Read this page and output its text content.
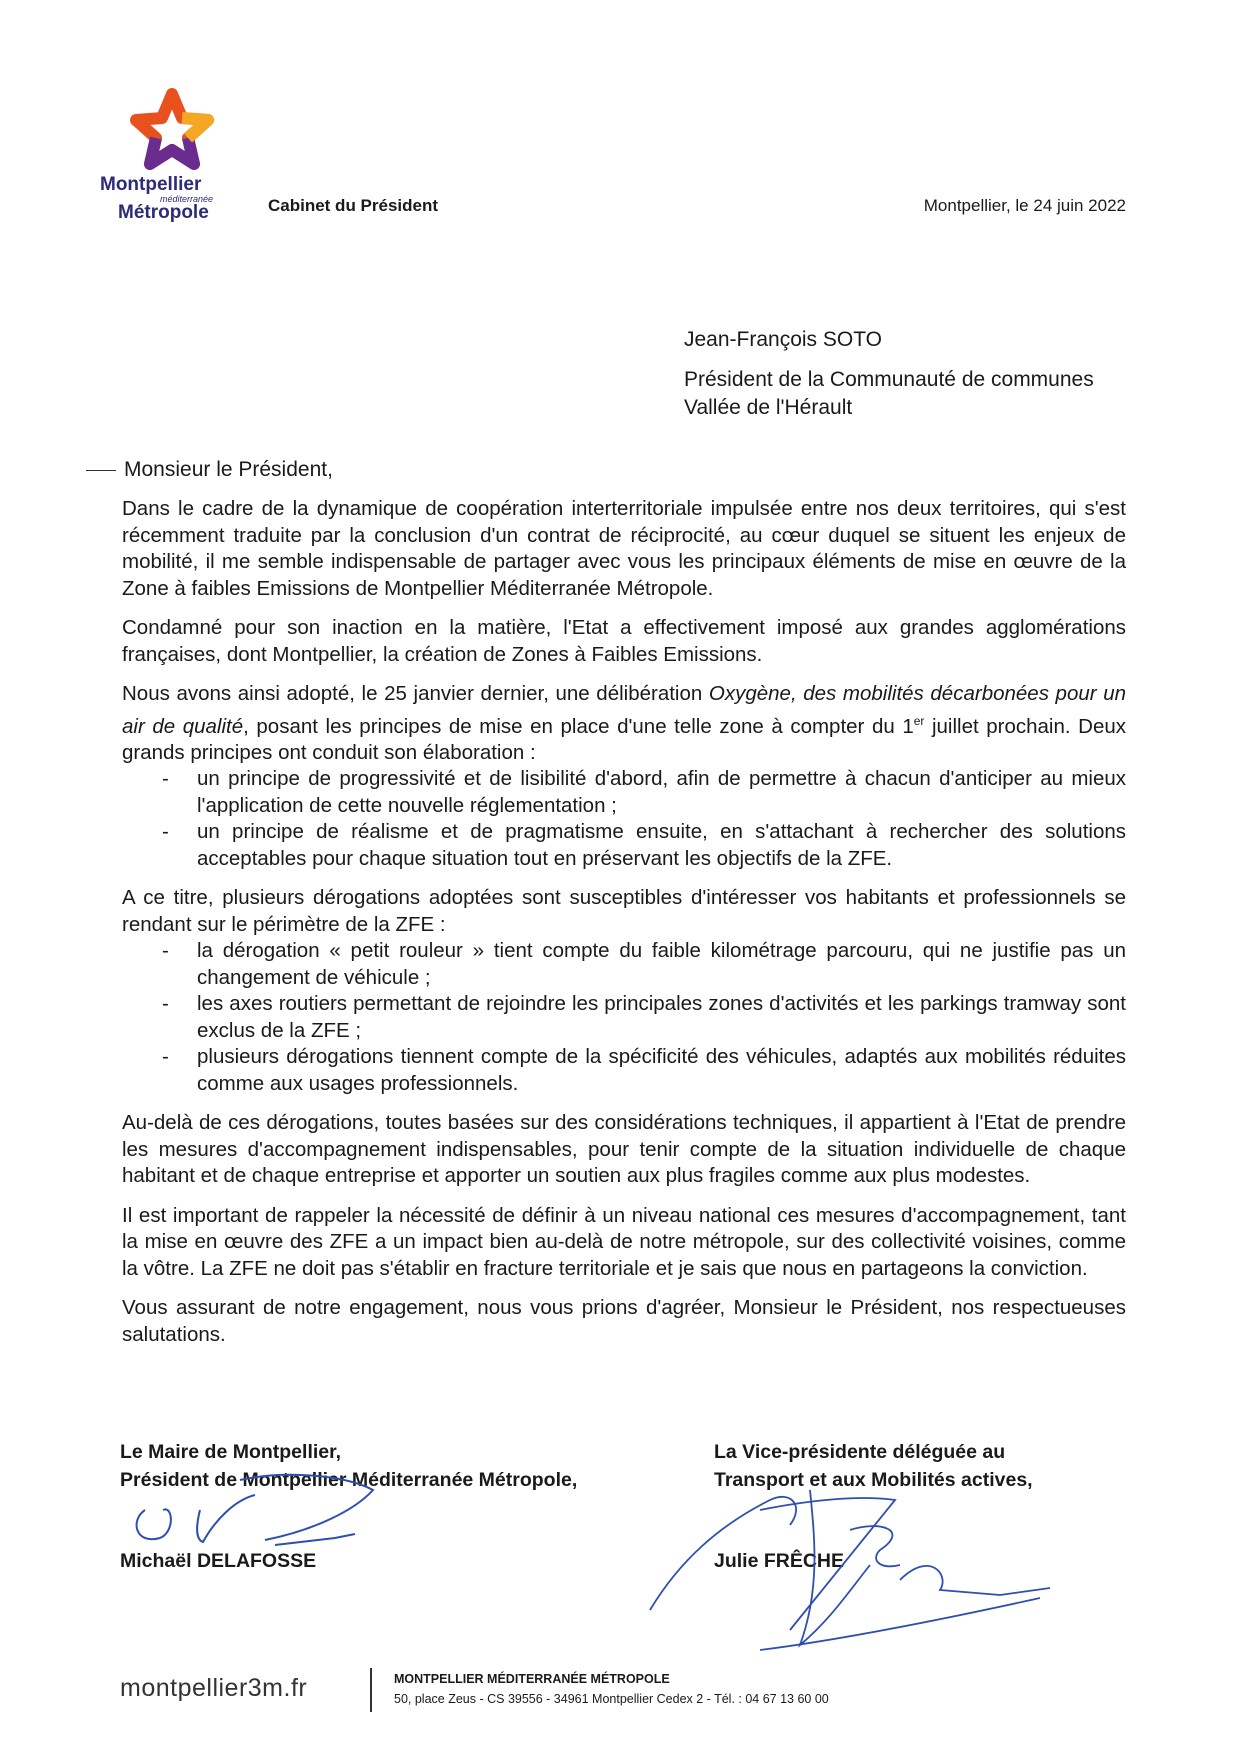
Montpellier
méditerranée
Métropole	Cabinet du Président	Montpellier, le 24 juin 2022
Jean-François SOTO
Président de la Communauté de communes
Vallée de l'Hérault
Monsieur le Président,

Dans le cadre de la dynamique de coopération interterritoriale impulsée entre nos deux territoires, qui s'est récemment traduite par la conclusion d'un contrat de réciprocité, au cœur duquel se situent les enjeux de mobilité, il me semble indispensable de partager avec vous les principaux éléments de mise en œuvre de la Zone à faibles Emissions de Montpellier Méditerranée Métropole.

Condamné pour son inaction en la matière, l'Etat a effectivement imposé aux grandes agglomérations françaises, dont Montpellier, la création de Zones à Faibles Emissions.

Nous avons ainsi adopté, le 25 janvier dernier, une délibération Oxygène, des mobilités décarbonées pour un air de qualité, posant les principes de mise en place d'une telle zone à compter du 1er juillet prochain. Deux grands principes ont conduit son élaboration :

- un principe de progressivité et de lisibilité d'abord, afin de permettre à chacun d'anticiper au mieux l'application de cette nouvelle réglementation ;
- un principe de réalisme et de pragmatisme ensuite, en s'attachant à rechercher des solutions acceptables pour chaque situation tout en préservant les objectifs de la ZFE.

A ce titre, plusieurs dérogations adoptées sont susceptibles d'intéresser vos habitants et professionnels se rendant sur le périmètre de la ZFE :

- la dérogation « petit rouleur » tient compte du faible kilométrage parcouru, qui ne justifie pas un changement de véhicule ;
- les axes routiers permettant de rejoindre les principales zones d'activités et les parkings tramway sont exclus de la ZFE ;
- plusieurs dérogations tiennent compte de la spécificité des véhicules, adaptés aux mobilités réduites comme aux usages professionnels.

Au-delà de ces dérogations, toutes basées sur des considérations techniques, il appartient à l'Etat de prendre les mesures d'accompagnement indispensables, pour tenir compte de la situation individuelle de chaque habitant et de chaque entreprise et apporter un soutien aux plus fragiles comme aux plus modestes.

Il est important de rappeler la nécessité de définir à un niveau national ces mesures d'accompagnement, tant la mise en œuvre des ZFE a un impact bien au-delà de notre métropole, sur des collectivité voisines, comme la vôtre. La ZFE ne doit pas s'établir en fracture territoriale et je sais que nous en partageons la conviction.

Vous assurant de notre engagement, nous vous prions d'agréer, Monsieur le Président, nos respectueuses salutations.

Le Maire de Montpellier,
Président de Montpellier Méditerranée Métropole,
La Vice-présidente déléguée au
Transport et aux Mobilités actives,
Michaël DELAFOSSE	Julie FRÊCHE
montpellier3m.fr	MONTPELLIER MÉDITERRANÉE MÉTROPOLE
50, place Zeus - CS 39556 - 34961 Montpellier Cedex 2 - Tél. : 04 67 13 60 00
